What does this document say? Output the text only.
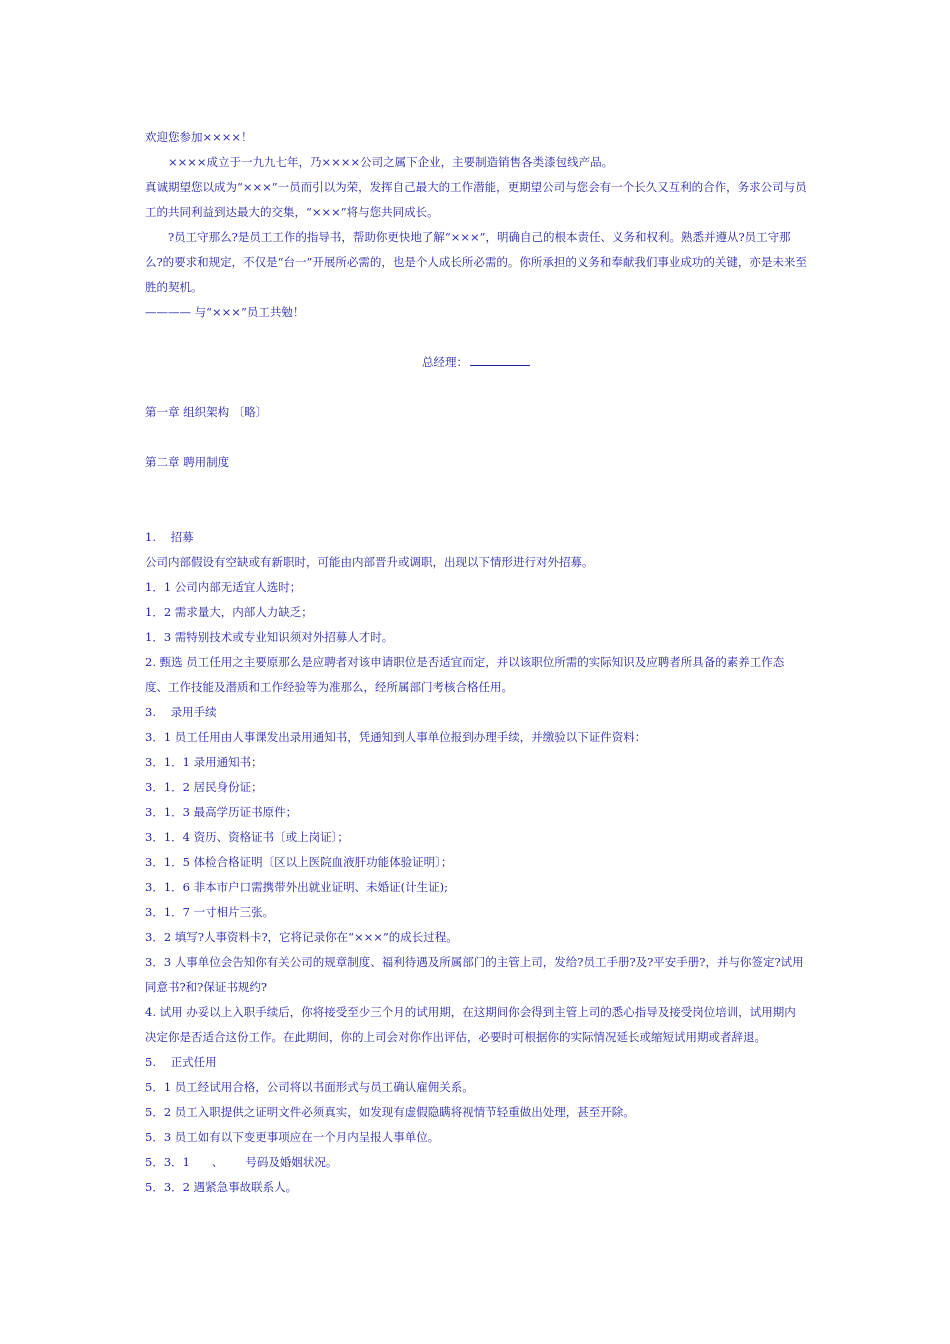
欢迎您参加××××！
××××成立于一九九七年，乃××××公司之属下企业，主要制造销售各类漆包线产品。
真诚期望您以成为“×××”一员而引以为荣，发挥自己最大的工作潜能，更期望公司与您会有一个长久又互利的合作，务求公司与员工的共同利益到达最大的交集，“×××”将与您共同成长。
?员工守那么?是员工工作的指导书，帮助你更快地了解“×××”，明确自己的根本责任、义务和权利。熟悉并遵从?员工守那么?的要求和规定，不仅是“台一”开展所必需的，也是个人成长所必需的。你所承担的义务和奉献我们事业成功的关键，亦是未来至胜的契机。
———— 与“×××”员工共勉！
总经理：
第一章 组织架构 〔略〕
第二章 聘用制度
1.    招募
公司内部假设有空缺或有新职时，可能由内部晋升或调职，出现以下情形进行对外招募。
1．1 公司内部无适宜人选时；
1．2 需求量大，内部人力缺乏；
1．3 需特别技术或专业知识须对外招募人才时。
2. 甄选 员工任用之主要原那么是应聘者对该申请职位是否适宜而定，并以该职位所需的实际知识及应聘者所具备的素养工作态度、工作技能及潜质和工作经验等为准那么，经所属部门考核合格任用。
3.    录用手续
3．1 员工任用由人事课发出录用通知书，凭通知到人事单位报到办理手续，并缴验以下证件资料：
3．1．1 录用通知书；
3．1．2 居民身份证；
3．1．3 最高学历证书原件；
3．1．4 资历、资格证书〔或上岗证〕；
3．1．5 体检合格证明〔区以上医院血液肝功能体验证明〕；
3．1．6 非本市户口需携带外出就业证明、未婚证(计生证);
3．1．7 一寸相片三张。
3．2 填写?人事资料卡?，它将记录你在“×××”的成长过程。
3．3 人事单位会告知你有关公司的规章制度、福利待遇及所属部门的主管上司，发给?员工手册?及?平安手册?，并与你签定?试用同意书?和?保证书规约?
4. 试用 办妥以上入职手续后，你将接受至少三个月的试用期，在这期间你会得到主管上司的悉心指导及接受岗位培训，试用期内决定你是否适合这份工作。在此期间，你的上司会对你作出评估，必要时可根据你的实际情况延长或缩短试用期或者辞退。
5.    正式任用
5．1 员工经试用合格，公司将以书面形式与员工确认雇佣关系。
5．2 员工入职提供之证明文件必须真实，如发现有虚假隐瞒将视情节轻重做出处理，甚至开除。
5．3 员工如有以下变更事项应在一个月内呈报人事单位。
5．3．1      、      号码及婚姻状况。
5．3．2 遇紧急事故联系人。
